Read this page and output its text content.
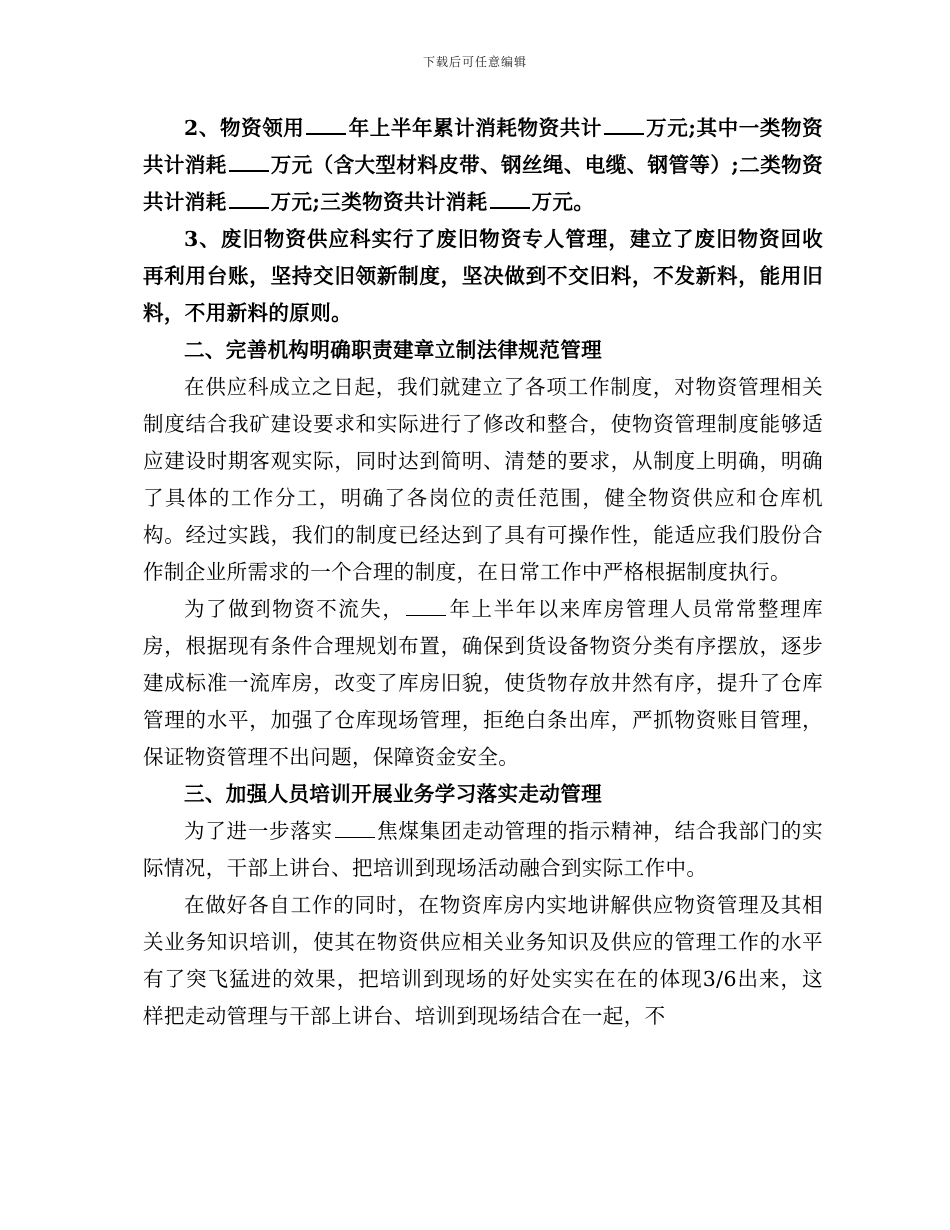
下载后可任意编辑

2、物资领用 年上半年累计消耗物资共计 万元;其中一类物资共计消耗 万元（含大型材料皮带、钢丝绳、电缆、钢管等）;二类物资共计消耗 万元;三类物资共计消耗 万元。

3、废旧物资供应科实行了废旧物资专人管理，建立了废旧物资回收再利用台账，坚持交旧领新制度，坚决做到不交旧料，不发新料，能用旧料，不用新料的原则。

二、完善机构明确职责建章立制法律规范管理

在供应科成立之日起，我们就建立了各项工作制度，对物资管理相关制度结合我矿建设要求和实际进行了修改和整合，使物资管理制度能够适应建设时期客观实际，同时达到简明、清楚的要求，从制度上明确，明确了具体的工作分工，明确了各岗位的责任范围，健全物资供应和仓库机构。经过实践，我们的制度已经达到了具有可操作性，能适应我们股份合作制企业所需求的一个合理的制度，在日常工作中严格根据制度执行。

为了做到物资不流失， 年上半年以来库房管理人员常常整理库房，根据现有条件合理规划布置，确保到货设备物资分类有序摆放，逐步建成标准一流库房，改变了库房旧貌，使货物存放井然有序，提升了仓库管理的水平，加强了仓库现场管理，拒绝白条出库，严抓物资账目管理，保证物资管理不出问题，保障资金安全。

三、加强人员培训开展业务学习落实走动管理

为了进一步落实 焦煤集团走动管理的指示精神，结合我部门的实际情况，干部上讲台、把培训到现场活动融合到实际工作中。

在做好各自工作的同时，在物资库房内实地讲解供应物资管理及其相关业务知识培训，使其在物资供应相关业务知识及供应的管理工作的水平有了突飞猛进的效果，把培训到现场的好处实实在在的体现3/6出来，这样把走动管理与干部上讲台、培训到现场结合在一起，不
